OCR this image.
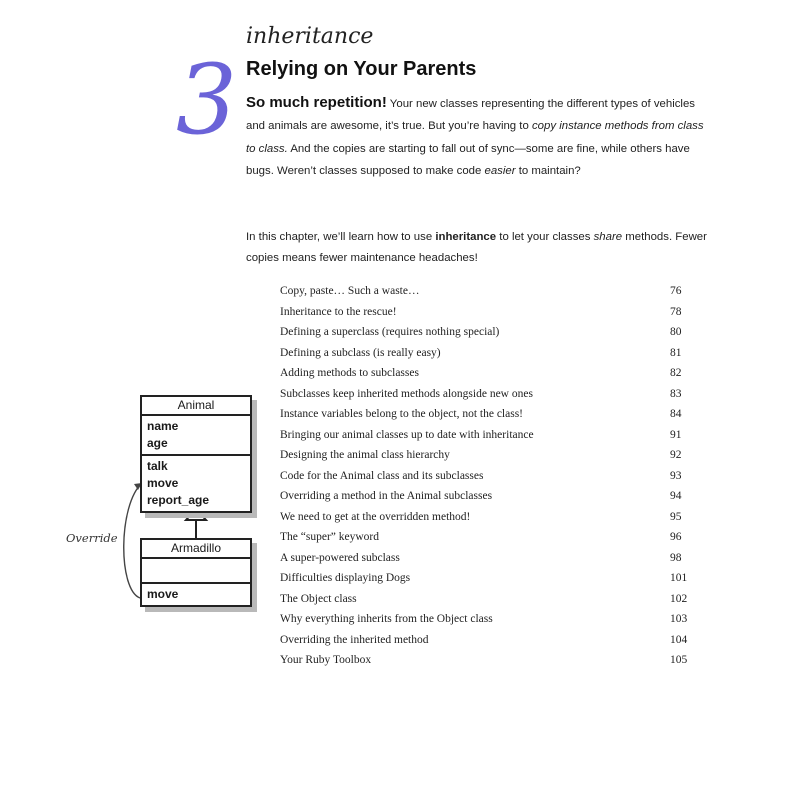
3
inheritance
Relying on Your Parents
So much repetition! Your new classes representing the different types of vehicles and animals are awesome, it’s true. But you’re having to copy instance methods from class to class. And the copies are starting to fall out of sync—some are fine, while others have bugs. Weren’t classes supposed to make code easier to maintain?
In this chapter, we’ll learn how to use inheritance to let your classes share methods. Fewer copies means fewer maintenance headaches!
Animal
name
age
talk
move
report_age
Armadillo
move
Override
Copy, paste… Such a waste…	76
Inheritance to the rescue!	78
Defining a superclass (requires nothing special)	80
Defining a subclass (is really easy)	81
Adding methods to subclasses	82
Subclasses keep inherited methods alongside new ones	83
Instance variables belong to the object, not the class!	84
Bringing our animal classes up to date with inheritance	91
Designing the animal class hierarchy	92
Code for the Animal class and its subclasses	93
Overriding a method in the Animal subclasses	94
We need to get at the overridden method!	95
The “super” keyword	96
A super-powered subclass	98
Difficulties displaying Dogs	101
The Object class	102
Why everything inherits from the Object class	103
Overriding the inherited method	104
Your Ruby Toolbox	105
